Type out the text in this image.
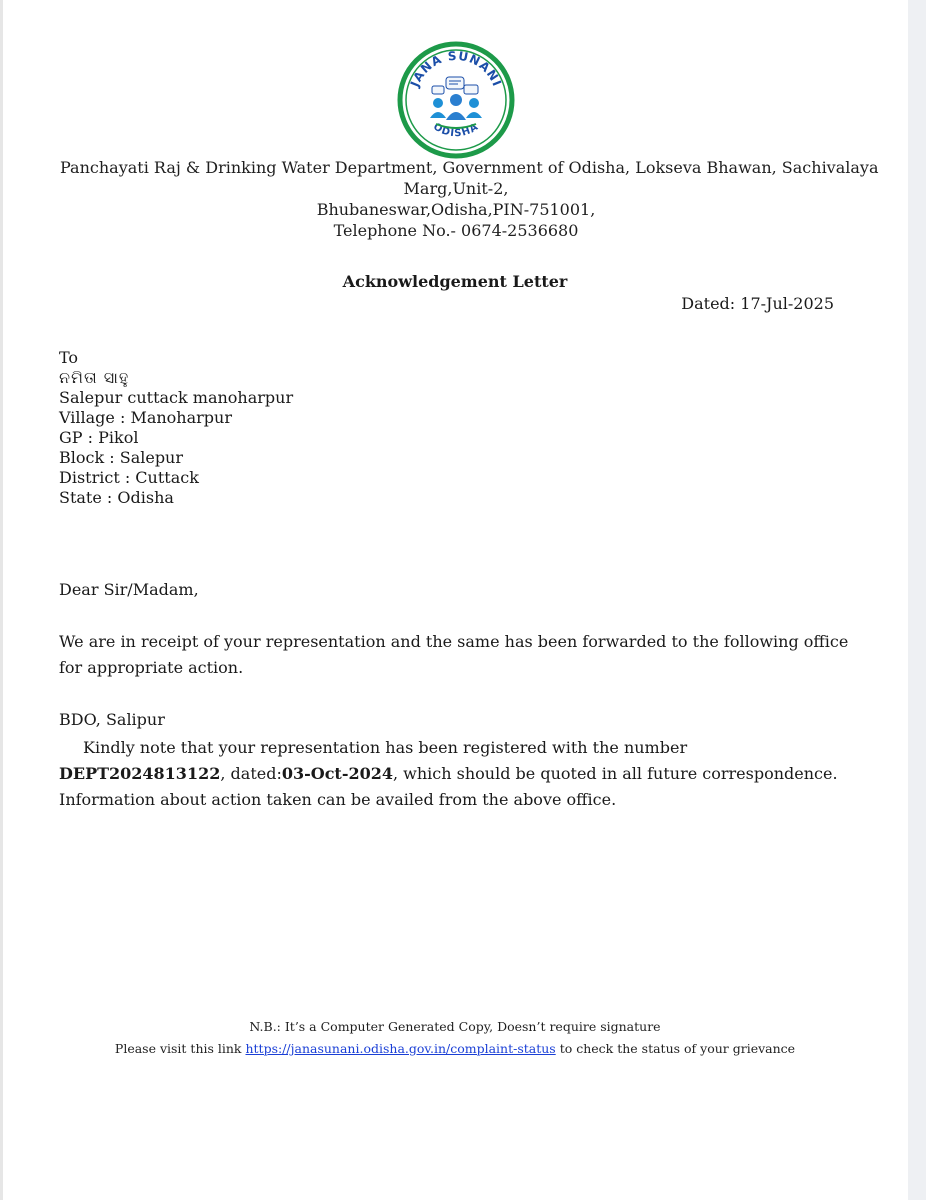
JANA SUNANI
ODISHA
Panchayati Raj & Drinking Water Department, Government of Odisha, Lokseva Bhawan, Sachivalaya
Marg,Unit-2,
Bhubaneswar,Odisha,PIN-751001,
Telephone No.- 0674-2536680
Acknowledgement Letter
Dated: 17-Jul-2025
To
ନମିତା ସାହୁ
Salepur cuttack manoharpur
Village : Manoharpur
GP : Pikol
Block : Salepur
District : Cuttack
State : Odisha
Dear Sir/Madam,
We are in receipt of your representation and the same has been forwarded to the following office for appropriate action.
BDO, Salipur
Kindly note that your representation has been registered with the number DEPT2024813122, dated:03-Oct-2024, which should be quoted in all future correspondence. Information about action taken can be availed from the above office.
N.B.: It’s a Computer Generated Copy, Doesn’t require signature
Please visit this link https://janasunani.odisha.gov.in/complaint-status to check the status of your grievance
